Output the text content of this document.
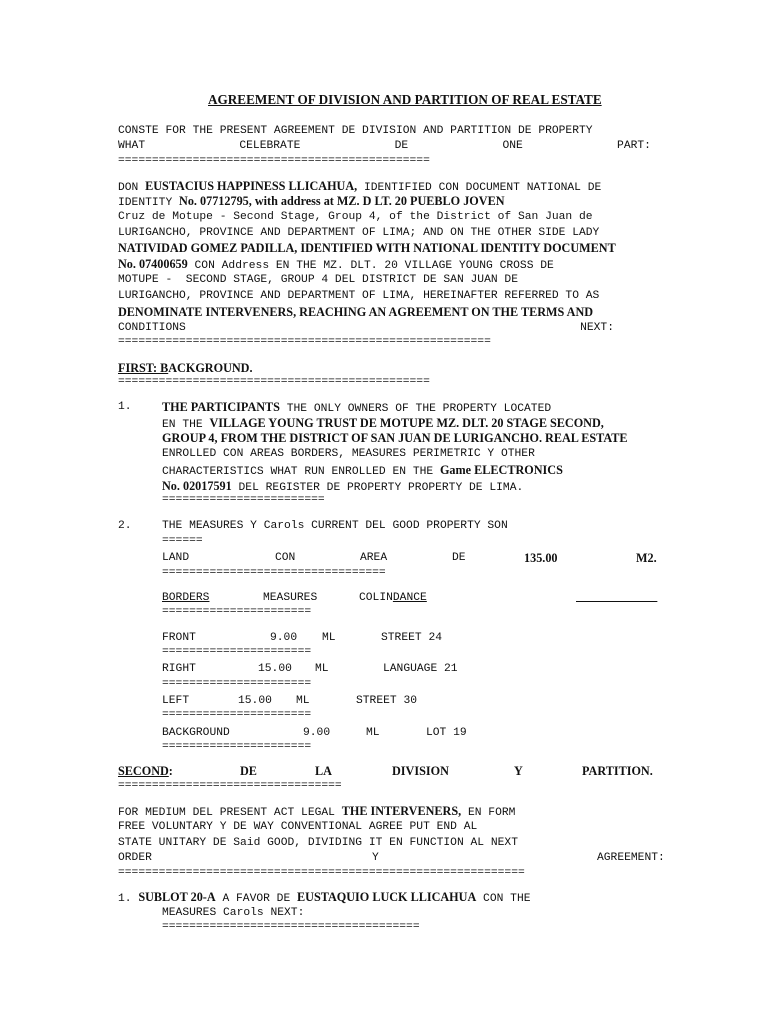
AGREEMENT OF DIVISION AND PARTITION OF REAL ESTATE
CONSTE FOR THE PRESENT AGREEMENT DE DIVISION AND PARTITION DE PROPERTY
WHAT	CELEBRATE	DE	ONE	PART:
==============================================
DON EUSTACIUS HAPPINESS LLICAHUA, IDENTIFIED CON DOCUMENT NATIONAL DE
IDENTITY No. 07712795, with address at MZ. D LT. 20 PUEBLO JOVEN
Cruz de Motupe - Second Stage, Group 4, of the District of San Juan de
LURIGANCHO, PROVINCE AND DEPARTMENT OF LIMA; AND ON THE OTHER SIDE LADY
NATIVIDAD GOMEZ PADILLA, IDENTIFIED WITH NATIONAL IDENTITY DOCUMENT
No. 07400659 CON Address EN THE MZ. DLT. 20 VILLAGE YOUNG CROSS DE
MOTUPE -  SECOND STAGE, GROUP 4 DEL DISTRICT DE SAN JUAN DE
LURIGANCHO, PROVINCE AND DEPARTMENT OF LIMA, HEREINAFTER REFERRED TO AS
DENOMINATE INTERVENERS, REACHING AN AGREEMENT ON THE TERMS AND
CONDITIONS	NEXT:
=======================================================
FIRST: BACKGROUND.
==============================================
1. THE PARTICIPANTS THE ONLY OWNERS OF THE PROPERTY LOCATED
EN THE VILLAGE YOUNG TRUST DE MOTUPE MZ. DLT. 20 STAGE SECOND,
GROUP 4, FROM THE DISTRICT OF SAN JUAN DE LURIGANCHO. REAL ESTATE
ENROLLED CON AREAS BORDERS, MEASURES PERIMETRIC Y OTHER
CHARACTERISTICS WHAT RUN ENROLLED EN THE Game ELECTRONICS
No. 02017591 DEL REGISTER DE PROPERTY PROPERTY DE LIMA.
========================
2.	THE MEASURES Y Carols CURRENT DEL GOOD PROPERTY SON
======
LAND	CON	AREA	DE	135.00	M2.
=================================
BORDERS	MEASURES	COLINDANCE

======================
FRONT	9.00 ML	STREET 24
======================
RIGHT	15.00 ML	LANGUAGE 21
======================
LEFT	15.00 ML	STREET 30
======================
BACKGROUND	9.00	ML	LOT 19
======================
SECOND:	DE	LA	DIVISION	Y	PARTITION.
=================================
FOR MEDIUM DEL PRESENT ACT LEGAL THE INTERVENERS, EN FORM
FREE VOLUNTARY Y DE WAY CONVENTIONAL AGREE PUT END AL
STATE UNITARY DE Said GOOD, DIVIDING IT EN FUNCTION AL NEXT
ORDER	Y	AGREEMENT:
============================================================
1. SUBLOT 20-A A FAVOR DE EUSTAQUIO LUCK LLICAHUA CON THE
MEASURES Carols NEXT:
======================================
